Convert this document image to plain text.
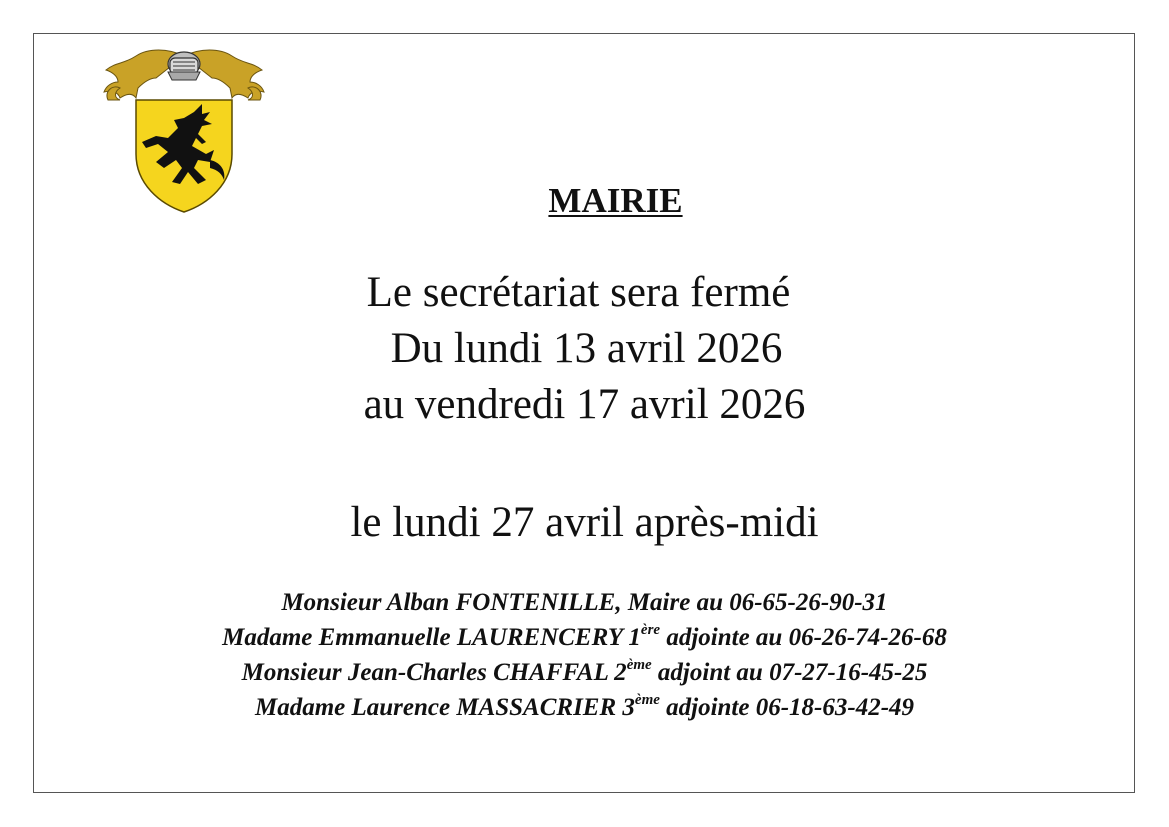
MAIRIE
Le secrétariat sera fermé
Du lundi 13 avril 2026
au vendredi 17 avril 2026
le lundi 27 avril après-midi
Monsieur Alban FONTENILLE, Maire au 06-65-26-90-31
Madame Emmanuelle LAURENCERY 1ère adjointe au 06-26-74-26-68
Monsieur Jean-Charles CHAFFAL 2ème adjoint au 07-27-16-45-25
Madame Laurence MASSACRIER 3ème adjointe 06-18-63-42-49
